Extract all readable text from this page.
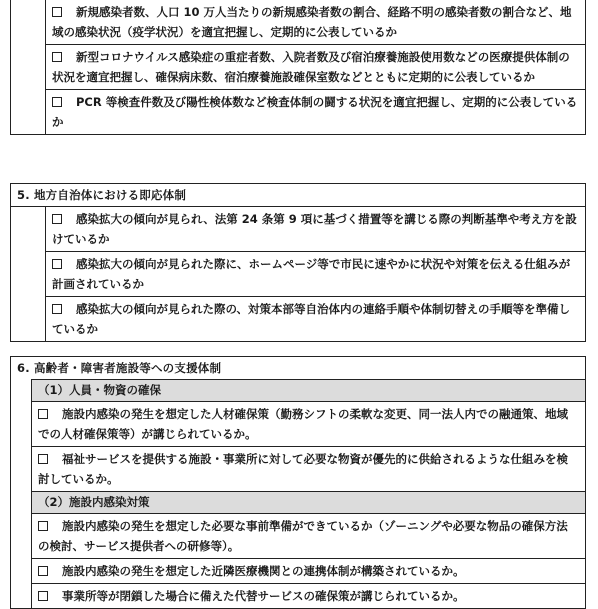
新規感染者数、人口 10 万人当たりの新規感染者数の割合、経路不明の感染者数の割合など、地域の感染状況（疫学状況）を適宜把握し、定期的に公表しているか
新型コロナウイルス感染症の重症者数、入院者数及び宿泊療養施設使用数などの医療提供体制の状況を適宜把握し、確保病床数、宿泊療養施設確保室数などとともに定期的に公表しているか
PCR 等検査件数及び陽性検体数など検査体制の闘する状況を適宜把握し、定期的に公表しているか
5. 地方自治体における即応体制
感染拡大の傾向が見られ、法第 24 条第 9 項に基づく措置等を講じる際の判断基準や考え方を設けているか
感染拡大の傾向が見られた際に、ホームページ等で市民に速やかに状況や対策を伝える仕組みが計画されているか
感染拡大の傾向が見られた際の、対策本部等自治体内の連絡手順や体制切替えの手順等を準備しているか
6. 高齢者・障害者施設等への支援体制
（1）人員・物資の確保
施設内感染の発生を想定した人材確保策（勤務シフトの柔軟な変更、同一法人内での融通策、地域での人材確保策等）が講じられているか。
福祉サービスを提供する施設・事業所に対して必要な物資が優先的に供給されるような仕組みを検討しているか。
（2）施設内感染対策
施設内感染の発生を想定した必要な事前準備ができているか（ゾーニングや必要な物品の確保方法の検討、サービス提供者への研修等）。
施設内感染の発生を想定した近隣医療機関との連携体制が構築されているか。
事業所等が閉鎖した場合に備えた代替サービスの確保策が講じられているか。
